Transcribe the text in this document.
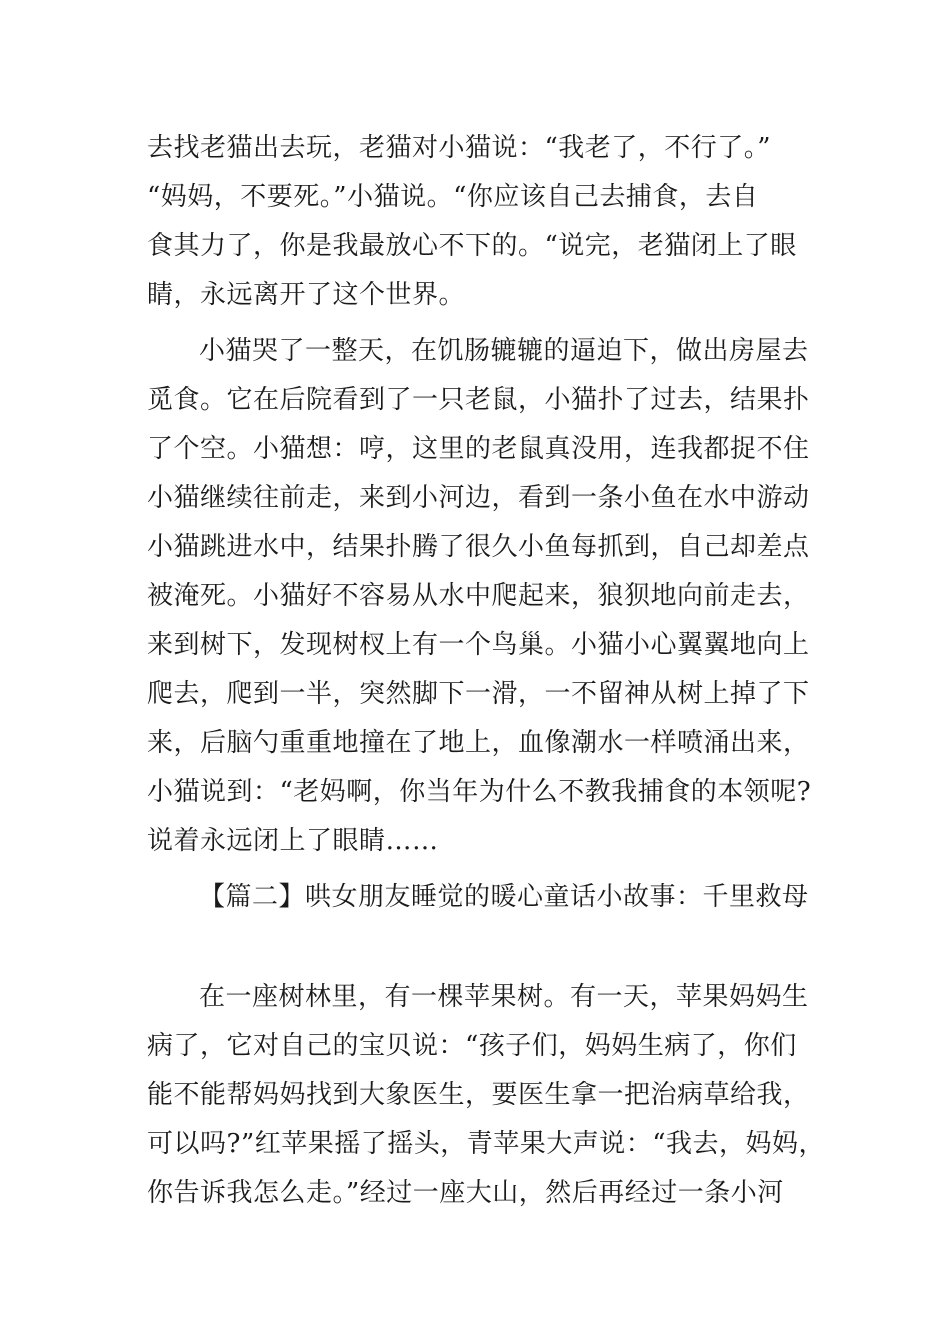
去找老猫出去玩，老猫对小猫说：“我老了，不行了。”
“妈妈，不要死。”小猫说。“你应该自己去捕食，去自
食其力了，你是我最放心不下的。“说完，老猫闭上了眼
睛，永远离开了这个世界。
小猫哭了一整天，在饥肠辘辘的逼迫下，做出房屋去
觅食。它在后院看到了一只老鼠，小猫扑了过去，结果扑
了个空。小猫想：哼，这里的老鼠真没用，连我都捉不住
小猫继续往前走，来到小河边，看到一条小鱼在水中游动
小猫跳进水中，结果扑腾了很久小鱼每抓到，自己却差点
被淹死。小猫好不容易从水中爬起来，狼狈地向前走去，
来到树下，发现树杈上有一个鸟巢。小猫小心翼翼地向上
爬去，爬到一半，突然脚下一滑，一不留神从树上掉了下
来，后脑勺重重地撞在了地上，血像潮水一样喷涌出来，
小猫说到：“老妈啊，你当年为什么不教我捕食的本领呢?
说着永远闭上了眼睛……
【篇二】哄女朋友睡觉的暖心童话小故事：千里救母
在一座树林里，有一棵苹果树。有一天，苹果妈妈生
病了，它对自己的宝贝说：“孩子们，妈妈生病了，你们
能不能帮妈妈找到大象医生，要医生拿一把治病草给我，
可以吗?”红苹果摇了摇头，青苹果大声说：“我去，妈妈，
你告诉我怎么走。”经过一座大山，然后再经过一条小河
